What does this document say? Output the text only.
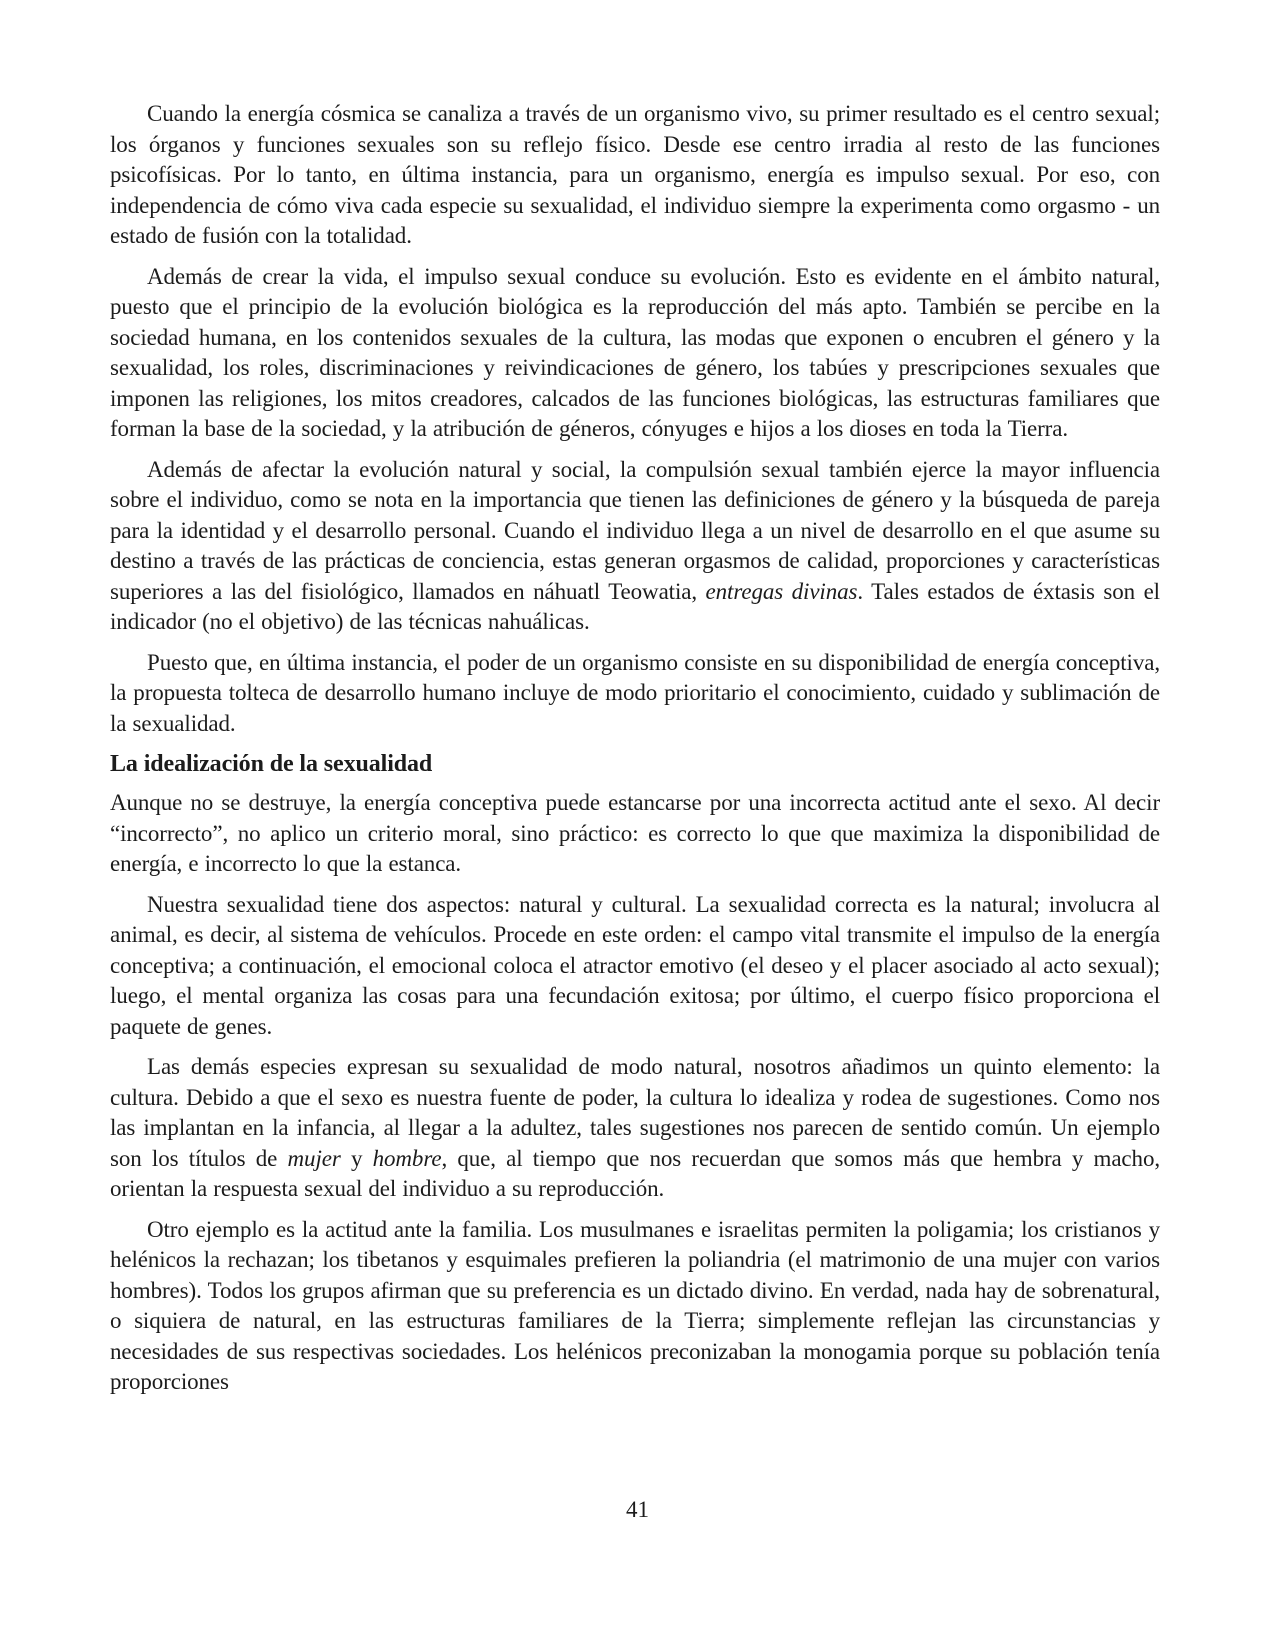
Cuando la energía cósmica se canaliza a través de un organismo vivo, su primer resultado es el centro sexual; los órganos y funciones sexuales son su reflejo físico. Desde ese centro irradia al resto de las funciones psicofísicas. Por lo tanto, en última instancia, para un organismo, energía es impulso sexual. Por eso, con independencia de cómo viva cada especie su sexualidad, el individuo siempre la experimenta como orgasmo - un estado de fusión con la totalidad.

Además de crear la vida, el impulso sexual conduce su evolución. Esto es evidente en el ámbito natural, puesto que el principio de la evolución biológica es la reproducción del más apto. También se percibe en la sociedad humana, en los contenidos sexuales de la cultura, las modas que exponen o encubren el género y la sexualidad, los roles, discriminaciones y reivindicaciones de género, los tabúes y prescripciones sexuales que imponen las religiones, los mitos creadores, calcados de las funciones biológicas, las estructuras familiares que forman la base de la sociedad, y la atribución de géneros, cónyuges e hijos a los dioses en toda la Tierra.

Además de afectar la evolución natural y social, la compulsión sexual también ejerce la mayor influencia sobre el individuo, como se nota en la importancia que tienen las definiciones de género y la búsqueda de pareja para la identidad y el desarrollo personal. Cuando el individuo llega a un nivel de desarrollo en el que asume su destino a través de las prácticas de conciencia, estas generan orgasmos de calidad, proporciones y características superiores a las del fisiológico, llamados en náhuatl Teowatia, entregas divinas. Tales estados de éxtasis son el indicador (no el objetivo) de las técnicas nahuálicas.

Puesto que, en última instancia, el poder de un organismo consiste en su disponibilidad de energía conceptiva, la propuesta tolteca de desarrollo humano incluye de modo prioritario el conocimiento, cuidado y sublimación de la sexualidad.

La idealización de la sexualidad

Aunque no se destruye, la energía conceptiva puede estancarse por una incorrecta actitud ante el sexo. Al decir “incorrecto”, no aplico un criterio moral, sino práctico: es correcto lo que que maximiza la disponibilidad de energía, e incorrecto lo que la estanca.

Nuestra sexualidad tiene dos aspectos: natural y cultural. La sexualidad correcta es la natural; involucra al animal, es decir, al sistema de vehículos. Procede en este orden: el campo vital transmite el impulso de la energía conceptiva; a continuación, el emocional coloca el atractor emotivo (el deseo y el placer asociado al acto sexual); luego, el mental organiza las cosas para una fecundación exitosa; por último, el cuerpo físico proporciona el paquete de genes.

Las demás especies expresan su sexualidad de modo natural, nosotros añadimos un quinto elemento: la cultura. Debido a que el sexo es nuestra fuente de poder, la cultura lo idealiza y rodea de sugestiones. Como nos las implantan en la infancia, al llegar a la adultez, tales sugestiones nos parecen de sentido común. Un ejemplo son los títulos de mujer y hombre, que, al tiempo que nos recuerdan que somos más que hembra y macho, orientan la respuesta sexual del individuo a su reproducción.

Otro ejemplo es la actitud ante la familia. Los musulmanes e israelitas permiten la poligamia; los cristianos y helénicos la rechazan; los tibetanos y esquimales prefieren la poliandria (el matrimonio de una mujer con varios hombres). Todos los grupos afirman que su preferencia es un dictado divino. En verdad, nada hay de sobrenatural, o siquiera de natural, en las estructuras familiares de la Tierra; simplemente reflejan las circunstancias y necesidades de sus respectivas sociedades. Los helénicos preconizaban la monogamia porque su población tenía proporciones

41
